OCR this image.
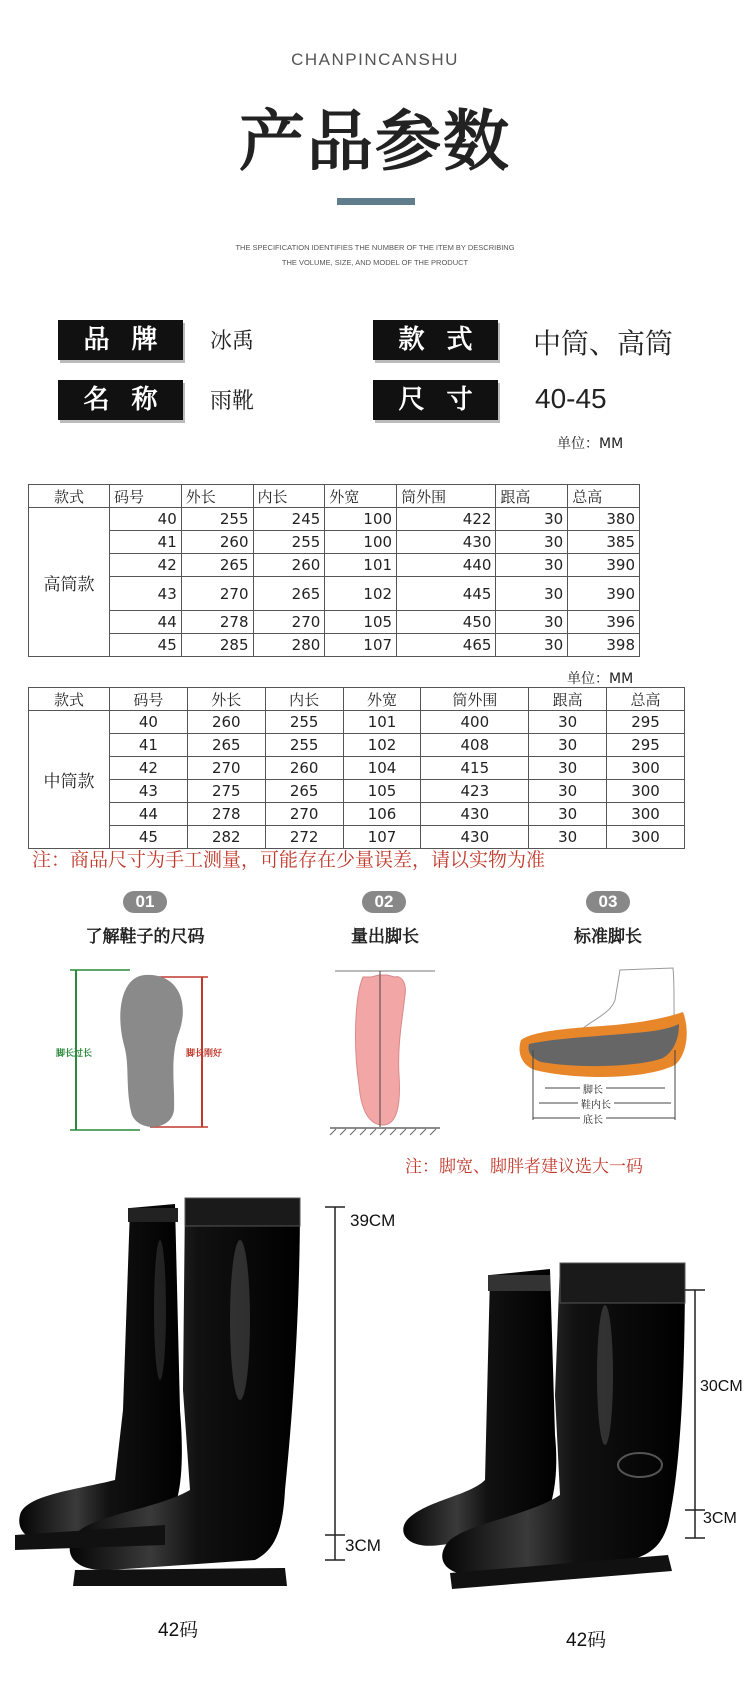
CHANPINCANSHU
产品参数
THE SPECIFICATION IDENTIFIES THE NUMBER OF THE ITEM BY DESCRIBING
THE VOLUME, SIZE, AND MODEL OF THE PRODUCT
品牌 冰禹	款式 中筒、高筒
名称 雨靴	尺寸 40-45
单位：MM
款式	码号	外长	内长	外宽	筒外围	跟高	总高
高筒款	40	255	245	100	422	30	380
	41	260	255	100	430	30	385
	42	265	260	101	440	30	390
	43	270	265	102	445	30	390
	44	278	270	105	450	30	396
	45	285	280	107	465	30	398
单位：MM
款式	码号	外长	内长	外宽	筒外围	跟高	总高
中筒款	40	260	255	101	400	30	295
	41	265	255	102	408	30	295
	42	270	260	104	415	30	300
	43	275	265	105	423	30	300
	44	278	270	106	430	30	300
	45	282	272	107	430	30	300
注：商品尺寸为手工测量，可能存在少量误差，请以实物为准
01
了解鞋子的尺码
02
量出脚长
03
标准脚长
脚长过长	脚长刚好
脚长
鞋内长
底长
注：脚宽、脚胖者建议选大一码
39CM
3CM
42码
30CM
3CM
42码
